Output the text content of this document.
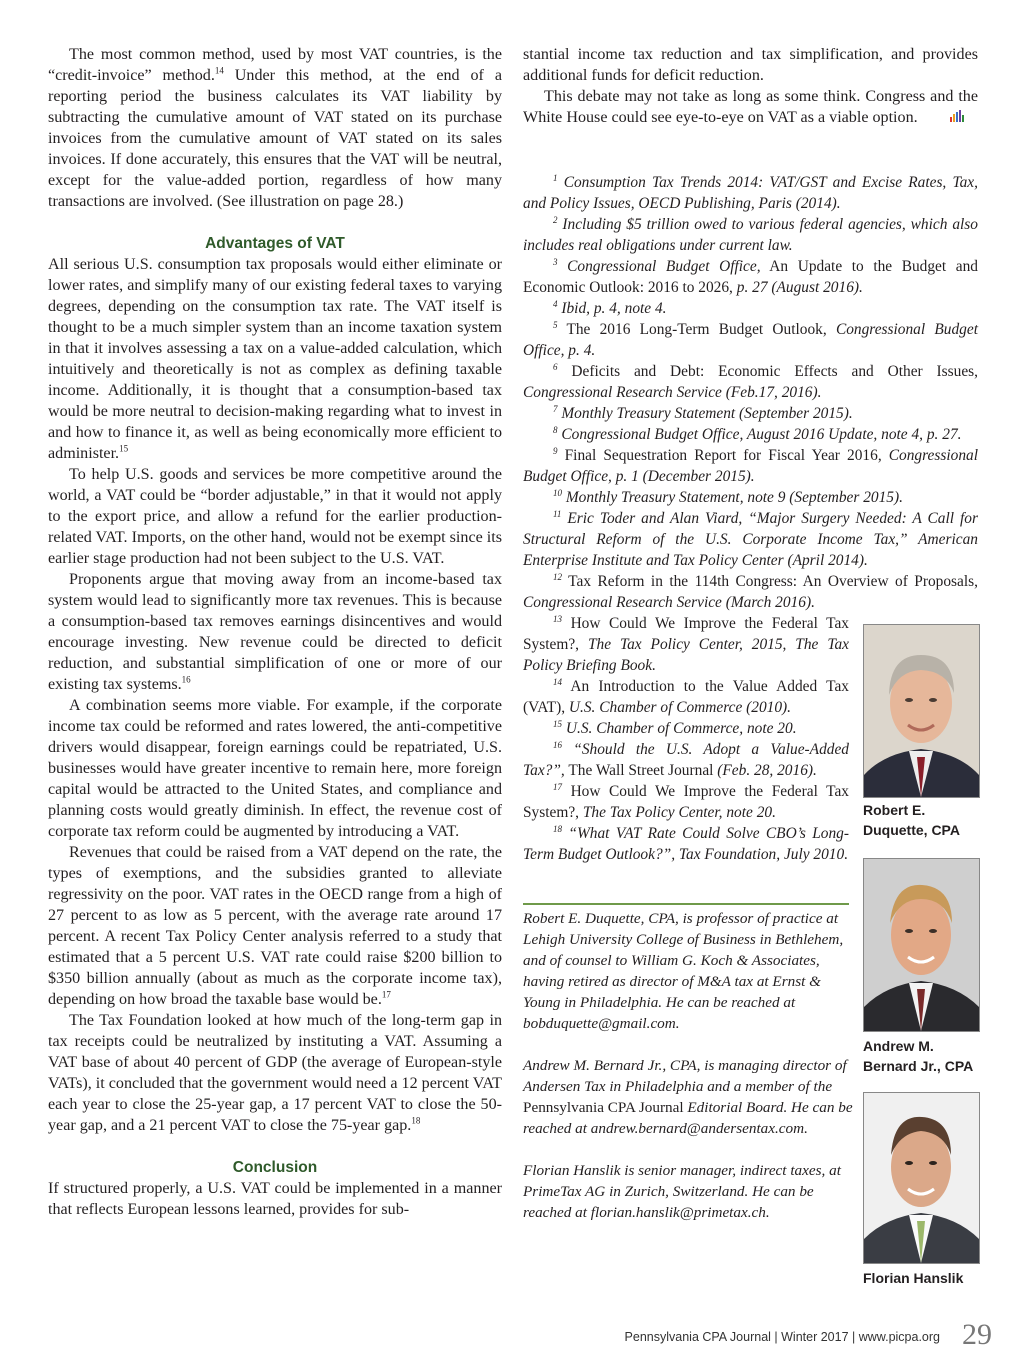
The most common method, used by most VAT countries, is the “credit-invoice” method.$^{14}$ Under this method, at the end of a reporting period the business calculates its VAT liability by subtracting the cumulative amount of VAT stated on its purchase invoices from the cumulative amount of VAT stated on its sales invoices. If done accurately, this ensures that the VAT will be neutral, except for the value-added portion, regardless of how many transactions are involved. (See illustration on page 28.)

Advantages of VAT

All serious U.S. consumption tax proposals would either eliminate or lower rates, and simplify many of our existing federal taxes to varying degrees, depending on the consumption tax rate. The VAT itself is thought to be a much simpler system than an income taxation system in that it involves assessing a tax on a value-added calculation, which intuitively and theoretically is not as complex as defining taxable income. Additionally, it is thought that a consumption-based tax would be more neutral to decision-making regarding what to invest in and how to finance it, as well as being economically more efficient to administer.$^{15}$

To help U.S. goods and services be more competitive around the world, a VAT could be “border adjustable,” in that it would not apply to the export price, and allow a refund for the earlier production-related VAT. Imports, on the other hand, would not be exempt since its earlier stage production had not been subject to the U.S. VAT.

Proponents argue that moving away from an income-based tax system would lead to significantly more tax revenues. This is because a consumption-based tax removes earnings disincentives and would encourage investing. New revenue could be directed to deficit reduction, and substantial simplification of one or more of our existing tax systems.$^{16}$

A combination seems more viable. For example, if the corporate income tax could be reformed and rates lowered, the anti-competitive drivers would disappear, foreign earnings could be repatriated, U.S. businesses would have greater incentive to remain here, more foreign capital would be attracted to the United States, and compliance and planning costs would greatly diminish. In effect, the revenue cost of corporate tax reform could be augmented by introducing a VAT.

Revenues that could be raised from a VAT depend on the rate, the types of exemptions, and the subsidies granted to alleviate regressivity on the poor. VAT rates in the OECD range from a high of 27 percent to as low as 5 percent, with the average rate around 17 percent. A recent Tax Policy Center analysis referred to a study that estimated that a 5 percent U.S. VAT rate could raise $200 billion to $350 billion annually (about as much as the corporate income tax), depending on how broad the taxable base would be.$^{17}$

The Tax Foundation looked at how much of the long-term gap in tax receipts could be neutralized by instituting a VAT. Assuming a VAT base of about 40 percent of GDP (the average of European-style VATs), it concluded that the government would need a 12 percent VAT each year to close the 25-year gap, a 17 percent VAT to close the 50-year gap, and a 21 percent VAT to close the 75-year gap.$^{18}$

Conclusion

If structured properly, a U.S. VAT could be implemented in a manner that reflects European lessons learned, provides for sub-

stantial income tax reduction and tax simplification, and provides additional funds for deficit reduction.

This debate may not take as long as some think. Congress and the White House could see eye-to-eye on VAT as a viable option.

$^1$ Consumption Tax Trends 2014: VAT/GST and Excise Rates, Tax, and Policy Issues, OECD Publishing, Paris (2014).
$^2$ Including $5 trillion owed to various federal agencies, which also includes real obligations under current law.
$^3$ Congressional Budget Office, An Update to the Budget and Economic Outlook: 2016 to 2026, p. 27 (August 2016).
$^4$ Ibid, p. 4, note 4.
$^5$ The 2016 Long-Term Budget Outlook, Congressional Budget Office, p. 4.
$^6$ Deficits and Debt: Economic Effects and Other Issues, Congressional Research Service (Feb.17, 2016).
$^7$ Monthly Treasury Statement (September 2015).
$^8$ Congressional Budget Office, August 2016 Update, note 4, p. 27.
$^9$ Final Sequestration Report for Fiscal Year 2016, Congressional Budget Office, p. 1 (December 2015).
$^{10}$ Monthly Treasury Statement, note 9 (September 2015).
$^{11}$ Eric Toder and Alan Viard, “Major Surgery Needed: A Call for Structural Reform of the U.S. Corporate Income Tax,” American Enterprise Institute and Tax Policy Center (April 2014).
$^{12}$ Tax Reform in the 114th Congress: An Overview of Proposals, Congressional Research Service (March 2016).
$^{13}$ How Could We Improve the Federal Tax System?, The Tax Policy Center, 2015, The Tax Policy Briefing Book.
$^{14}$ An Introduction to the Value Added Tax (VAT), U.S. Chamber of Commerce (2010).
$^{15}$ U.S. Chamber of Commerce, note 20.
$^{16}$ “Should the U.S. Adopt a Value-Added Tax?”, The Wall Street Journal (Feb. 28, 2016).
$^{17}$ How Could We Improve the Federal Tax System?, The Tax Policy Center, note 20.
$^{18}$ “What VAT Rate Could Solve CBO’s Long-Term Budget Outlook?”, Tax Foundation, July 2010.

Robert E. Duquette, CPA, is professor of practice at Lehigh University College of Business in Bethlehem, and of counsel to William G. Koch & Associates, having retired as director of M&A tax at Ernst & Young in Philadelphia. He can be reached at bobduquette@gmail.com.

Andrew M. Bernard Jr., CPA, is managing director of Andersen Tax in Philadelphia and a member of the Pennsylvania CPA Journal Editorial Board. He can be reached at andrew.bernard@andersentax.com.

Florian Hanslik is senior manager, indirect taxes, at PrimeTax AG in Zurich, Switzerland. He can be reached at florian.hanslik@primetax.ch.

Robert E.
Duquette, CPA
Andrew M.
Bernard Jr., CPA
Florian Hanslik
Pennsylvania CPA Journal | Winter 2017 | www.picpa.org 29
